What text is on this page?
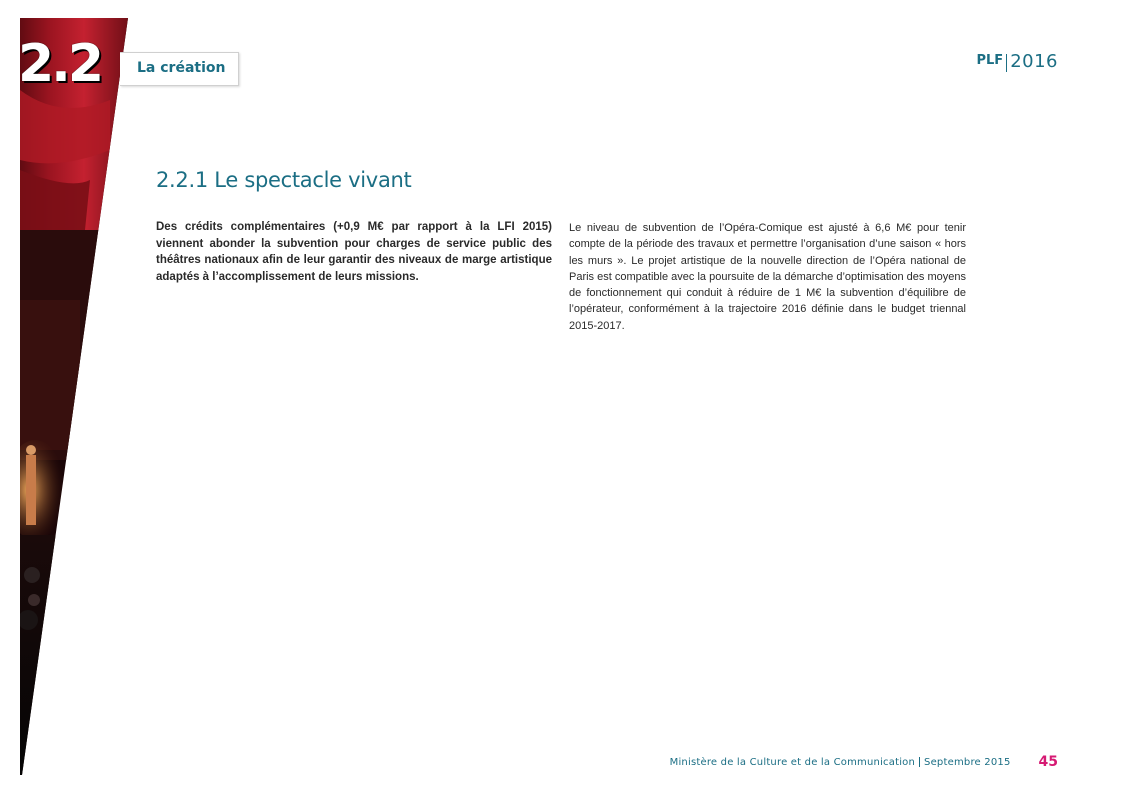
2.2	La création	PLF 2016
2.2.1 Le spectacle vivant

Des crédits complémentaires (+0,9 M€ par rapport à la LFI 2015) viennent abonder la subvention pour charges de service public des théâtres nationaux afin de leur garantir des niveaux de marge artistique adaptés à l’accomplissement de leurs missions.

Le niveau de subvention de l’Opéra-Comique est ajusté à 6,6 M€ pour tenir compte de la période des travaux et permettre l’organisation d’une saison « hors les murs ». Le projet artistique de la nouvelle direction de l’Opéra national de Paris est compatible avec la poursuite de la démarche d’optimisation des moyens de fonctionnement qui conduit à réduire de 1 M€ la subvention d’équilibre de l’opérateur, conformément à la trajectoire 2016 définie dans le budget triennal 2015-2017.

Ministère de la Culture et de la Communication Septembre 2015 45
